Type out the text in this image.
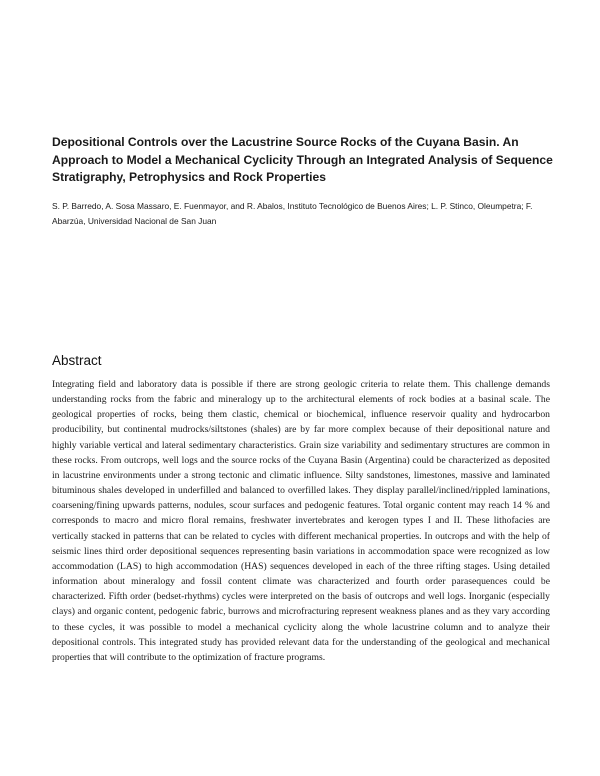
Depositional Controls over the Lacustrine Source Rocks of the Cuyana Basin. An Approach to Model a Mechanical Cyclicity Through an Integrated Analysis of Sequence Stratigraphy, Petrophysics and Rock Properties

S. P. Barredo, A. Sosa Massaro, E. Fuenmayor, and R. Abalos, Instituto Tecnológico de Buenos Aires; L. P. Stinco, Oleumpetra; F. Abarzúa, Universidad Nacional de San Juan

Abstract

Integrating field and laboratory data is possible if there are strong geologic criteria to relate them. This challenge demands understanding rocks from the fabric and mineralogy up to the architectural elements of rock bodies at a basinal scale. The geological properties of rocks, being them clastic, chemical or biochemical, influence reservoir quality and hydrocarbon producibility, but continental mudrocks/siltstones (shales) are by far more complex because of their depositional nature and highly variable vertical and lateral sedimentary characteristics. Grain size variability and sedimentary structures are common in these rocks. From outcrops, well logs and the source rocks of the Cuyana Basin (Argentina) could be characterized as deposited in lacustrine environments under a strong tectonic and climatic influence. Silty sandstones, limestones, massive and laminated bituminous shales developed in underfilled and balanced to overfilled lakes. They display parallel/inclined/rippled laminations, coarsening/fining upwards patterns, nodules, scour surfaces and pedogenic features. Total organic content may reach 14 % and corresponds to macro and micro floral remains, freshwater invertebrates and kerogen types I and II. These lithofacies are vertically stacked in patterns that can be related to cycles with different mechanical properties. In outcrops and with the help of seismic lines third order depositional sequences representing basin variations in accommodation space were recognized as low accommodation (LAS) to high accommodation (HAS) sequences developed in each of the three rifting stages. Using detailed information about mineralogy and fossil content climate was characterized and fourth order parasequences could be characterized. Fifth order (bedset-rhythms) cycles were interpreted on the basis of outcrops and well logs. Inorganic (especially clays) and organic content, pedogenic fabric, burrows and microfracturing represent weakness planes and as they vary according to these cycles, it was possible to model a mechanical cyclicity along the whole lacustrine column and to analyze their depositional controls. This integrated study has provided relevant data for the understanding of the geological and mechanical properties that will contribute to the optimization of fracture programs.
